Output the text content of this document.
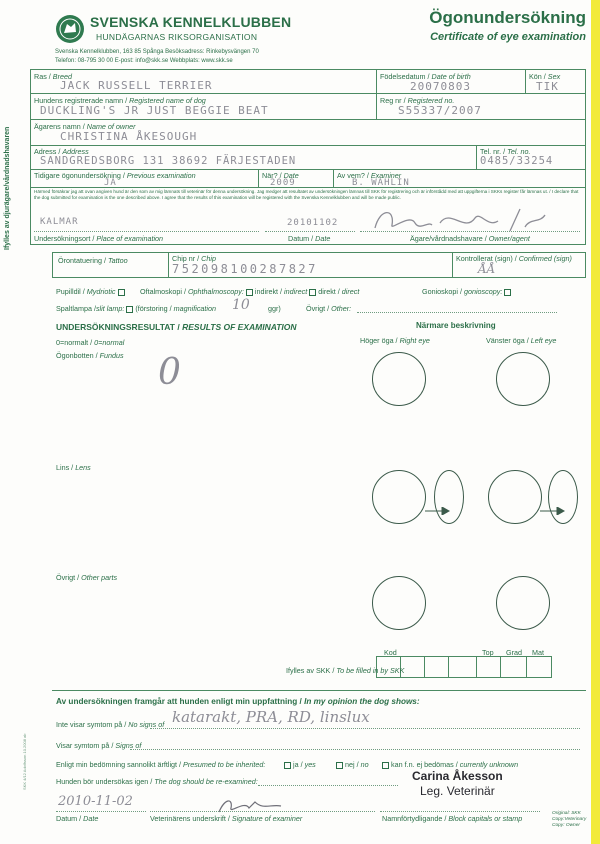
SVENSKA KENNELKLUBBEN
HUNDÄGARNAS RIKSORGANISATION
Svenska Kennelklubben, 163 85 Spånga Besöksadress: Rinkebysvängen 70
Telefon: 08-795 30 00 E-post: info@skk.se Webbplats: www.skk.se
Ögonundersökning
Certificate of eye examination
Ifylles av djurägare/vårdnadshavaren
Ras / Breed
JACK RUSSELL TERRIER
Födelsedatum / Date of birth
20070803
Kön / Sex
TIK
Hundens registrerade namn / Registered name of dog
DUCKLING'S JR JUST BEGGIE BEAT
Reg nr / Registered no.
S55337/2007
Ägarens namn / Name of owner
CHRISTINA ÅKESOUGH
Adress / Address
SANDGREDSBORG 131 38692 FÄRJESTADEN
Tel. nr. / Tel. no.
0485/33254
Tidigare ögonundersökning / Previous examination
JA
När? / Date
2009
Av vem? / Examiner
B. WAHLIN
Härmed försäkrar jag att ovan angiven hund är den som av mig lämnats till veterinär för denna undersökning. Jag medger att resultatet av undersökningen lämnas till SKK för registrering och är införstådd med att uppgifterna i SKKs register får lämnas ut. / I declare that the dog submitted for examination is the one described above. I agree that the results of this examination will be registered with the Svenska Kennelklubben and will be made public.
KALMAR	20101102
Undersökningsort / Place of examination	Datum / Date	Ägare/vårdnadshavare / Owner/agent
Örontatuering / Tattoo	Chip nr / Chip
752098100287827
Kontrollerat (sign) / Confirmed (sign)
ÅÅ
Pupilldil / Mydriotic	Oftalmoskopi / Ophthalmoscopy: indirekt / indirect direkt / direct	Gonioskopi / gonioscopy:
Spaltlampa /slit lamp: (förstoring / magnification 10	ggr)	Övrigt / Other:
UNDERSÖKNINGSRESULTAT / RESULTS OF EXAMINATION	Närmare beskrivning
0=normalt / 0=normal	Höger öga / Right eye	Vänster öga / Left eye
Ögonbotten / Fundus 0
Lins / Lens
Övrigt / Other parts
Kod	Top Grad Mat
Ifylles av SKK / To be filled in by SKK
SKK 4/12 Adolfsson 10.2008 ab
Av undersökningen framgår att hunden enligt min uppfattning / In my opinion the dog shows:
Inte visar symtom på / No signs of katarakt, PRA, RD, linslux
Visar symtom på / Signs of
Enligt min bedömning sannolikt ärftligt / Presumed to be inherited:	ja / yes	nej / no	kan f.n. ej bedömas / currently unknown
Hunden bör undersökas igen / The dog should be re-examined:	Carina Åkesson
Leg. Veterinär
2010-11-02
Datum / Date	Veterinärens underskrift / Signature of examiner	Namnförtydligande / Block capitals or stamp
Original: SKK
Copy:Veterinary
Copy: Owner
